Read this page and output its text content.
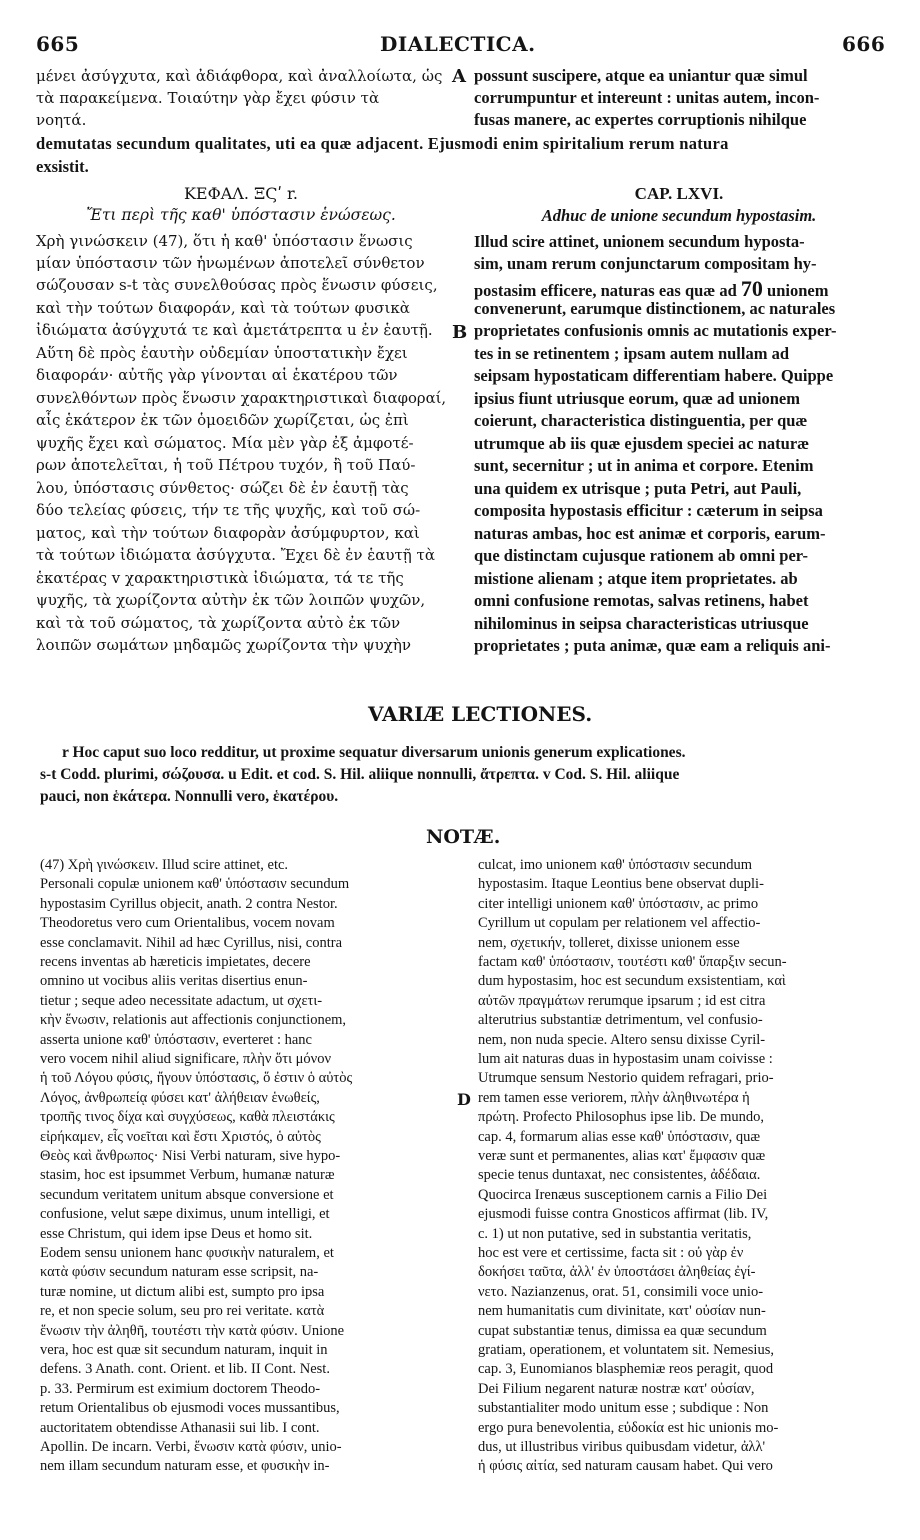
665	DIALECTICA.	666
μένει ἀσύγχυτα, καὶ ἀδιάφθορα, καὶ ἀναλλοίωτα, ὡς
τὰ παρακείμενα. Τοιαύτην γὰρ ἔχει φύσιν τὰ
νοητά.
A possunt suscipere, atque ea uniantur quæ simul
corrumpuntur et intereunt : unitas autem, incon-
fusas manere, ac expertes corruptionis nihilque
demutatas secundum qualitates, uti ea quæ adjacent. Ejusmodi enim spiritalium rerum natura
exsistit.
ΚΕΦΑΛ. ΞϚʹ r.
Ἔτι περὶ τῆς καθ' ὑπόστασιν ἑνώσεως.
CAP. LXVI.
Adhuc de unione secundum hypostasim.
Χρὴ γινώσκειν (47), ὅτι ἡ καθ' ὑπόστασιν ἕνωσις
μίαν ὑπόστασιν τῶν ἡνωμένων ἀποτελεῖ σύνθετον
σώζουσαν s-t τὰς συνελθούσας πρὸς ἕνωσιν φύσεις,
καὶ τὴν τούτων διαφοράν, καὶ τὰ τούτων φυσικὰ
ἰδιώματα ἀσύγχυτά τε καὶ ἀμετάτρεπτα u ἐν ἑαυτῇ.
Αὕτη δὲ πρὸς ἑαυτὴν οὐδεμίαν ὑποστατικὴν ἔχει
διαφοράν· αὐτῆς γὰρ γίνονται αἱ ἑκατέρου τῶν
συνελθόντων πρὸς ἕνωσιν χαρακτηριστικαὶ διαφοραί,
αἷς ἑκάτερον ἐκ τῶν ὁμοειδῶν χωρίζεται, ὡς ἐπὶ
ψυχῆς ἔχει καὶ σώματος. Μία μὲν γὰρ ἐξ ἀμφοτέ-
ρων ἀποτελεῖται, ἡ τοῦ Πέτρου τυχόν, ἢ τοῦ Παύ-
λου, ὑπόστασις σύνθετος· σώζει δὲ ἐν ἑαυτῇ τὰς
δύο τελείας φύσεις, τήν τε τῆς ψυχῆς, καὶ τοῦ σώ-
ματος, καὶ τὴν τούτων διαφορὰν ἀσύμφυρτον, καὶ
τὰ τούτων ἰδιώματα ἀσύγχυτα. Ἔχει δὲ ἐν ἑαυτῇ τὰ
ἑκατέρας v χαρακτηριστικὰ ἰδιώματα, τά τε τῆς
ψυχῆς, τὰ χωρίζοντα αὐτὴν ἐκ τῶν λοιπῶν ψυχῶν,
καὶ τὰ τοῦ σώματος, τὰ χωρίζοντα αὐτὸ ἐκ τῶν
λοιπῶν σωμάτων μηδαμῶς χωρίζοντα τὴν ψυχὴν
B
Illud scire attinet, unionem secundum hyposta-
sim, unam rerum conjunctarum compositam hy-
postasim efficere, naturas eas quæ ad 70 unionem
convenerunt, earumque distinctionem, ac naturales
proprietates confusionis omnis ac mutationis exper-
tes in se retinentem ; ipsam autem nullam ad
seipsam hypostaticam differentiam habere. Quippe
ipsius fiunt utriusque eorum, quæ ad unionem
coierunt, characteristica distinguentia, per quæ
utrumque ab iis quæ ejusdem speciei ac naturæ
sunt, secernitur ; ut in anima et corpore. Etenim
una quidem ex utrisque ; puta Petri, aut Pauli,
composita hypostasis efficitur : cæterum in seipsa
naturas ambas, hoc est animæ et corporis, earum-
que distinctam cujusque rationem ab omni per-
mistione alienam ; atque item proprietates. ab
omni confusione remotas, salvas retinens, habet
nihilominus in seipsa characteristicas utriusque
proprietates ; puta animæ, quæ eam a reliquis ani-
VARIÆ LECTIONES.
r Hoc caput suo loco redditur, ut proxime sequatur diversarum unionis generum explicationes.
s-t Codd. plurimi, σώζουσα. u Edit. et cod. S. Hil. aliique nonnulli, ἄτρεπτα. v Cod. S. Hil. aliique
pauci, non ἑκάτερα. Nonnulli vero, ἑκατέρου.
NOTÆ.
(47) Χρὴ γινώσκειν. Illud scire attinet, etc.
Personali copulæ unionem καθ' ὑπόστασιν secundum
hypostasim Cyrillus objecit, anath. 2 contra Nestor.
Theodoretus vero cum Orientalibus, vocem novam
esse conclamavit. Nihil ad hæc Cyrillus, nisi, contra
recens inventas ab hæreticis impietates, decere
omnino ut vocibus aliis veritas disertius enun-
tietur ; seque adeo necessitate adactum, ut σχετι-
κὴν ἕνωσιν, relationis aut affectionis conjunctionem,
asserta unione καθ' ὑπόστασιν, everteret : hanc
vero vocem nihil aliud significare, πλὴν ὅτι μόνον
ἡ τοῦ Λόγου φύσις, ἤγουν ὑπόστασις, ὅ ἐστιν ὁ αὐτὸς
Λόγος, ἀνθρωπείᾳ φύσει κατ' ἀλήθειαν ἑνωθείς,
τροπῆς τινος δίχα καὶ συγχύσεως, καθὰ πλειστάκις
εἰρήκαμεν, εἷς νοεῖται καὶ ἔστι Χριστός, ὁ αὐτὸς
Θεὸς καὶ ἄνθρωπος· Nisi Verbi naturam, sive hypo-
stasim, hoc est ipsummet Verbum, humanæ naturæ
secundum veritatem unitum absque conversione et
confusione, velut sæpe diximus, unum intelligi, et
esse Christum, qui idem ipse Deus et homo sit.
Eodem sensu unionem hanc φυσικὴν naturalem, et
κατὰ φύσιν secundum naturam esse scripsit, na-
turæ nomine, ut dictum alibi est, sumpto pro ipsa
re, et non specie solum, seu pro rei veritate. κατὰ
ἕνωσιν τὴν ἀληθῆ, τουτέστι τὴν κατὰ φύσιν. Unione
vera, hoc est quæ sit secundum naturam, inquit in
defens. 3 Anath. cont. Orient. et lib. II Cont. Nest.
p. 33. Permirum est eximium doctorem Theodo-
retum Orientalibus ob ejusmodi voces mussantibus,
auctoritatem obtendisse Athanasii sui lib. I cont.
Apollin. De incarn. Verbi, ἕνωσιν κατὰ φύσιν, unio-
nem illam secundum naturam esse, et φυσικὴν in-
D
culcat, imo unionem καθ' ὑπόστασιν secundum
hypostasim. Itaque Leontius bene observat dupli-
citer intelligi unionem καθ' ὑπόστασιν, ac primo
Cyrillum ut copulam per relationem vel affectio-
nem, σχετικήν, tolleret, dixisse unionem esse
factam καθ' ὑπόστασιν, τουτέστι καθ' ὕπαρξιν secun-
dum hypostasim, hoc est secundum exsistentiam, καὶ
αὐτῶν πραγμάτων rerumque ipsarum ; id est citra
alterutrius substantiæ detrimentum, vel confusio-
nem, non nuda specie. Altero sensu dixisse Cyril-
lum ait naturas duas in hypostasim unam coivisse :
Utrumque sensum Nestorio quidem refragari, prio-
rem tamen esse veriorem, πλὴν ἀληθινωτέρα ἡ
πρώτη. Profecto Philosophus ipse lib. De mundo,
cap. 4, formarum alias esse καθ' ὑπόστασιν, quæ
veræ sunt et permanentes, alias κατ' ἔμφασιν quæ
specie tenus duntaxat, nec consistentes, ἀδέδαια.
Quocirca Irenæus susceptionem carnis a Filio Dei
ejusmodi fuisse contra Gnosticos affirmat (lib. IV,
c. 1) ut non putative, sed in substantia veritatis,
hoc est vere et certissime, facta sit : οὐ γὰρ ἐν
δοκήσει ταῦτα, ἀλλ' ἐν ὑποστάσει ἀληθείας ἐγί-
νετο. Nazianzenus, orat. 51, consimili voce unio-
nem humanitatis cum divinitate, κατ' οὐσίαν nun-
cupat substantiæ tenus, dimissa ea quæ secundum
gratiam, operationem, et voluntatem sit. Nemesius,
cap. 3, Eunomianos blasphemiæ reos peragit, quod
Dei Filium negarent naturæ nostræ κατ' οὐσίαν,
substantialiter modo unitum esse ; subdique : Non
ergo pura benevolentia, εὐδοκία est hic unionis mo-
dus, ut illustribus viribus quibusdam videtur, ἀλλ'
ἡ φύσις αἰτία, sed naturam causam habet. Qui vero
